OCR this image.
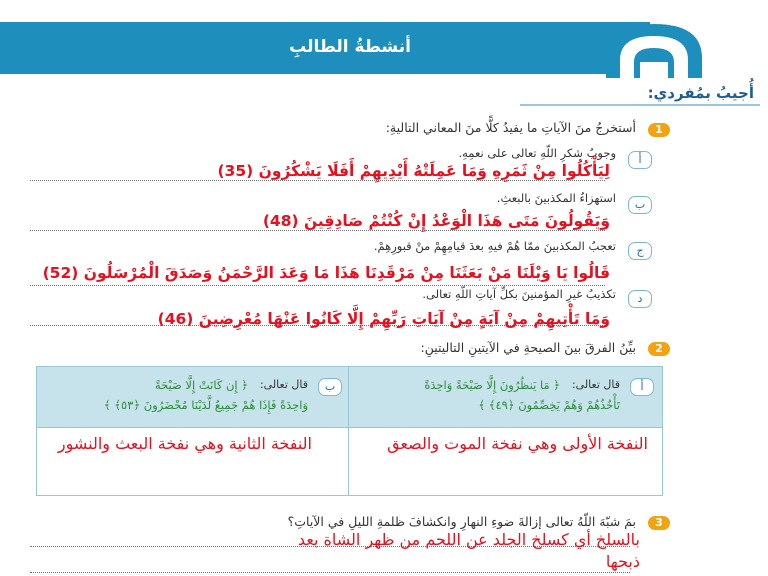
أنشطةُ الطالبِ
أُجيبُ بمُفردي:
1
أستخرجُ منَ الآياتِ ما يفيدُ كلًّا منَ المعاني التاليةِ:
أ
وجوبُ شكرِ اللّهِ تعالى على نعمِهِ.
لِيَأْكُلُوا مِنْ ثَمَرِهِ وَمَا عَمِلَتْهُ أَيْدِيهِمْ أَفَلَا يَشْكُرُونَ (35)
ب
استهزاءُ المكذبينَ بالبعثِ.
وَيَقُولُونَ مَتَى هَذَا الْوَعْدُ إِنْ كُنْتُمْ صَادِقِينَ (48)
ج
تعجبُ المكذبينَ ممّا هُمْ فيهِ بعدَ قيامِهِمْ منْ قبورِهِمْ.
قَالُوا يَا وَيْلَنَا مَنْ بَعَثَنَا مِنْ مَرْقَدِنَا هَذَا مَا وَعَدَ الرَّحْمَنُ وَصَدَقَ الْمُرْسَلُونَ (52)
د
تكذيبُ غيرِ المؤمنينَ بكلِّ آياتِ اللّهِ تعالى.
وَمَا تَأْتِيهِمْ مِنْ آيَةٍ مِنْ آيَاتِ رَبِّهِمْ إِلَّا كَانُوا عَنْهَا مُعْرِضِينَ (46)
2
بيِّنُ الفرقَ بينَ الصيحةِ في الآيتينِ التاليتينِ:
أ
قال تعالى:
﴿ مَا يَنظُرُونَ إِلَّا صَيْحَةً وَاحِدَةً
تَأْخُذُهُمْ وَهُمْ يَخِصِّمُونَ ﴿٤٩﴾ ﴾
النفخة الأولى وهي نفخة الموت والصعق
ب
قال تعالى:
﴿ إِن كَانَتْ إِلَّا صَيْحَةً
وَاحِدَةً فَإِذَا هُمْ جَمِيعٌ لَّدَيْنَا مُحْضَرُونَ ﴿٥٣﴾ ﴾
النفخة الثانية وهي نفخة البعث والنشور
3
بمَ شبّهَ اللّهُ تعالى إزالةَ ضوءِ النهارِ وانكشافَ ظلمةِ الليلِ في الآياتِ؟
بالسلخ أي كسلخ الجلد عن اللحم من ظهر الشاة بعد
ذبحها
